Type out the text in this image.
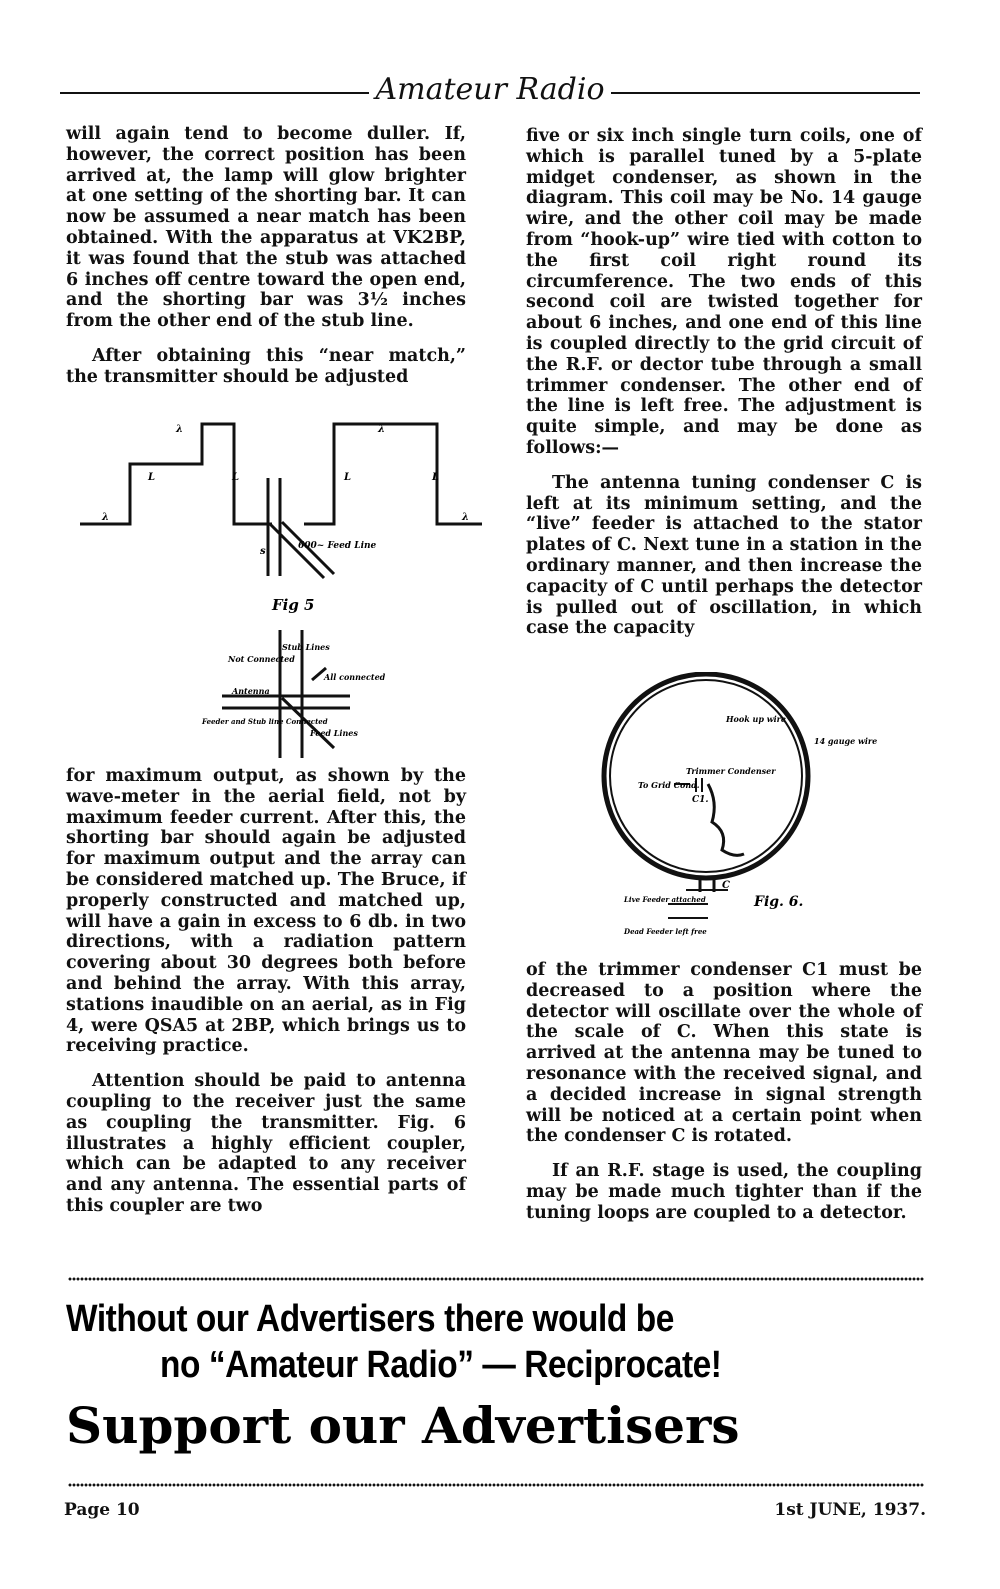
Amateur Radio

will again tend to become duller. If, however, the correct position has been arrived at, the lamp will glow brighter at one setting of the shorting bar. It can now be assumed a near match has been obtained. With the apparatus at VK2BP, it was found that the stub was attached 6 inches off centre toward the open end, and the shorting bar was 3½ inches from the other end of the stub line.

After obtaining this “near match,” the transmitter should be adjusted

λ
λ
L	L	L	L
λ
λ
s	600~ Feed Line
Fig 5
Not Connected
Stub Lines
All connected
Antenna
Feeder and Stub line Connected
Feed Lines

for maximum output, as shown by the wave-meter in the aerial field, not by maximum feeder current. After this, the shorting bar should again be adjusted for maximum output and the array can be considered matched up. The Bruce, if properly constructed and matched up, will have a gain in excess to 6 db. in two directions, with a radiation pattern covering about 30 degrees both before and behind the array. With this array, stations inaudible on an aerial, as in Fig 4, were QSA5 at 2BP, which brings us to receiving practice.

Attention should be paid to antenna coupling to the receiver just the same as coupling the transmitter. Fig. 6 illustrates a highly efficient coupler, which can be adapted to any receiver and any antenna. The essential parts of this coupler are two

five or six inch single turn coils, one of which is parallel tuned by a 5-plate midget condenser, as shown in the diagram. This coil may be No. 14 gauge wire, and the other coil may be made from “hook-up” wire tied with cotton to the first coil right round its circumference. The two ends of this second coil are twisted together for about 6 inches, and one end of this line is coupled directly to the grid circuit of the R.F. or dector tube through a small trimmer condenser. The other end of the line is left free. The adjustment is quite simple, and may be done as follows:—

The antenna tuning condenser C is left at its minimum setting, and the “live” feeder is attached to the stator plates of C. Next tune in a station in the ordinary manner, and then increase the capacity of C until perhaps the detector is pulled out of oscillation, in which case the capacity

Hook up wire
14 gauge wire
Trimmer Condenser
To Grid Cond.
C1.
C
Fig. 6.
Live Feeder attached
Dead Feeder left free

of the trimmer condenser C1 must be decreased to a position where the detector will oscillate over the whole of the scale of C. When this state is arrived at the antenna may be tuned to resonance with the received signal, and a decided increase in signal strength will be noticed at a certain point when the condenser C is rotated.

If an R.F. stage is used, the coupling may be made much tighter than if the tuning loops are coupled to a detector.

Without our Advertisers there would be
no “Amateur Radio” — Reciprocate!
Support our Advertisers
Page 10	1st JUNE, 1937.
